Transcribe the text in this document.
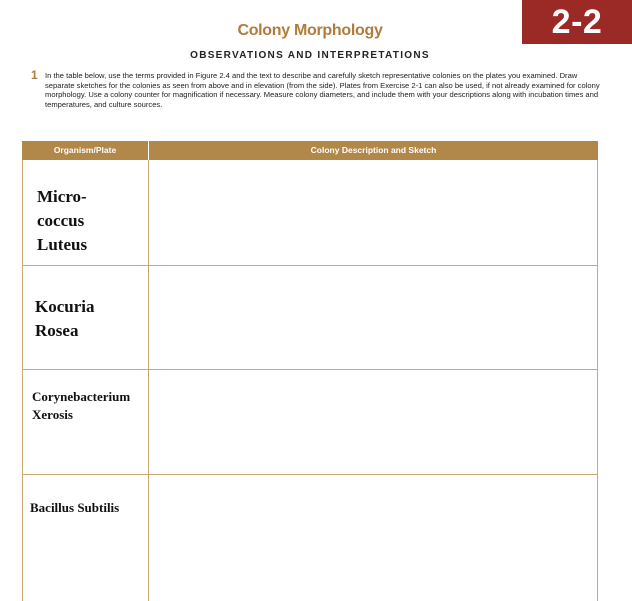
2-2
Colony Morphology
OBSERVATIONS AND INTERPRETATIONS
1 In the table below, use the terms provided in Figure 2.4 and the text to describe and carefully sketch representative colonies on the plates you examined. Draw separate sketches for the colonies as seen from above and in elevation (from the side). Plates from Exercise 2-1 can also be used, if not already examined for colony morphology. Use a colony counter for magnification if necessary. Measure colony diameters, and include them with your descriptions along with incubation times and temperatures, and culture sources.
Organism/Plate	Colony Description and Sketch
Micro-
coccus
Luteus
Kocuria
Rosea
Corynebacterium
Xerosis
Bacillus Subtilis
